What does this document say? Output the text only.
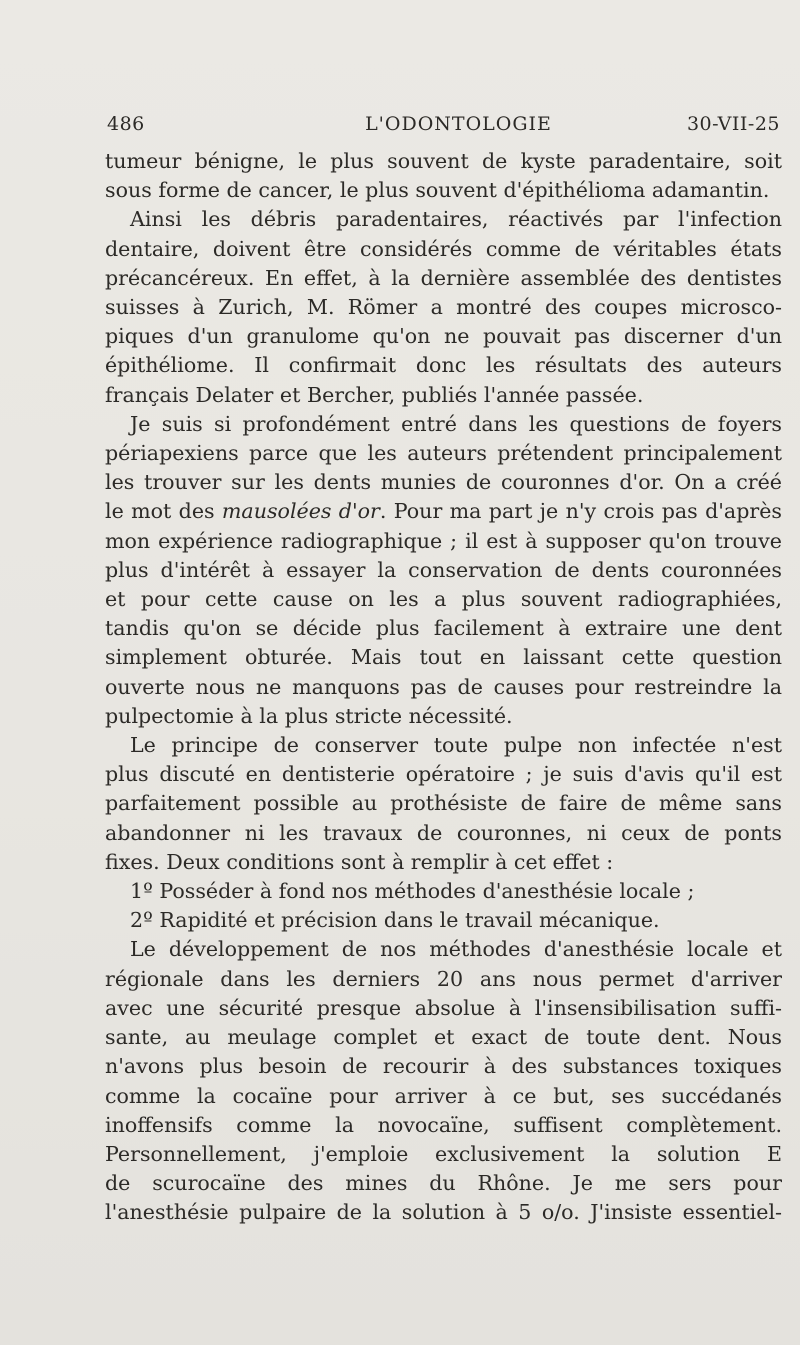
486	L'ODONTOLOGIE	30-VII-25

tumeur bénigne, le plus souvent de kyste paradentaire, soit

sous forme de cancer, le plus souvent d'épithélioma adamantin.

Ainsi les débris paradentaires, réactivés par l'infection

dentaire, doivent être considérés comme de véritables états

précancéreux. En effet, à la dernière assemblée des dentistes

suisses à Zurich, M. Römer a montré des coupes microsco-

piques d'un granulome qu'on ne pouvait pas discerner d'un

épithéliome. Il confirmait donc les résultats des auteurs

français Delater et Bercher, publiés l'année passée.

Je suis si profondément entré dans les questions de foyers

périapexiens parce que les auteurs prétendent principalement

les trouver sur les dents munies de couronnes d'or. On a créé

le mot des mausolées d'or. Pour ma part je n'y crois pas d'après

mon expérience radiographique ; il est à supposer qu'on trouve

plus d'intérêt à essayer la conservation de dents couronnées

et pour cette cause on les a plus souvent radiographiées,

tandis qu'on se décide plus facilement à extraire une dent

simplement obturée. Mais tout en laissant cette question

ouverte nous ne manquons pas de causes pour restreindre la

pulpectomie à la plus stricte nécessité.

Le principe de conserver toute pulpe non infectée n'est

plus discuté en dentisterie opératoire ; je suis d'avis qu'il est

parfaitement possible au prothésiste de faire de même sans

abandonner ni les travaux de couronnes, ni ceux de ponts

fixes. Deux conditions sont à remplir à cet effet :

1º Posséder à fond nos méthodes d'anesthésie locale ;

2º Rapidité et précision dans le travail mécanique.

Le développement de nos méthodes d'anesthésie locale et

régionale dans les derniers 20 ans nous permet d'arriver

avec une sécurité presque absolue à l'insensibilisation suffi-

sante, au meulage complet et exact de toute dent. Nous

n'avons plus besoin de recourir à des substances toxiques

comme la cocaïne pour arriver à ce but, ses succédanés

inoffensifs comme la novocaïne, suffisent complètement.

Personnellement, j'emploie exclusivement la solution E

de scurocaïne des mines du Rhône. Je me sers pour

l'anesthésie pulpaire de la solution à 5 o/o. J'insiste essentiel-
